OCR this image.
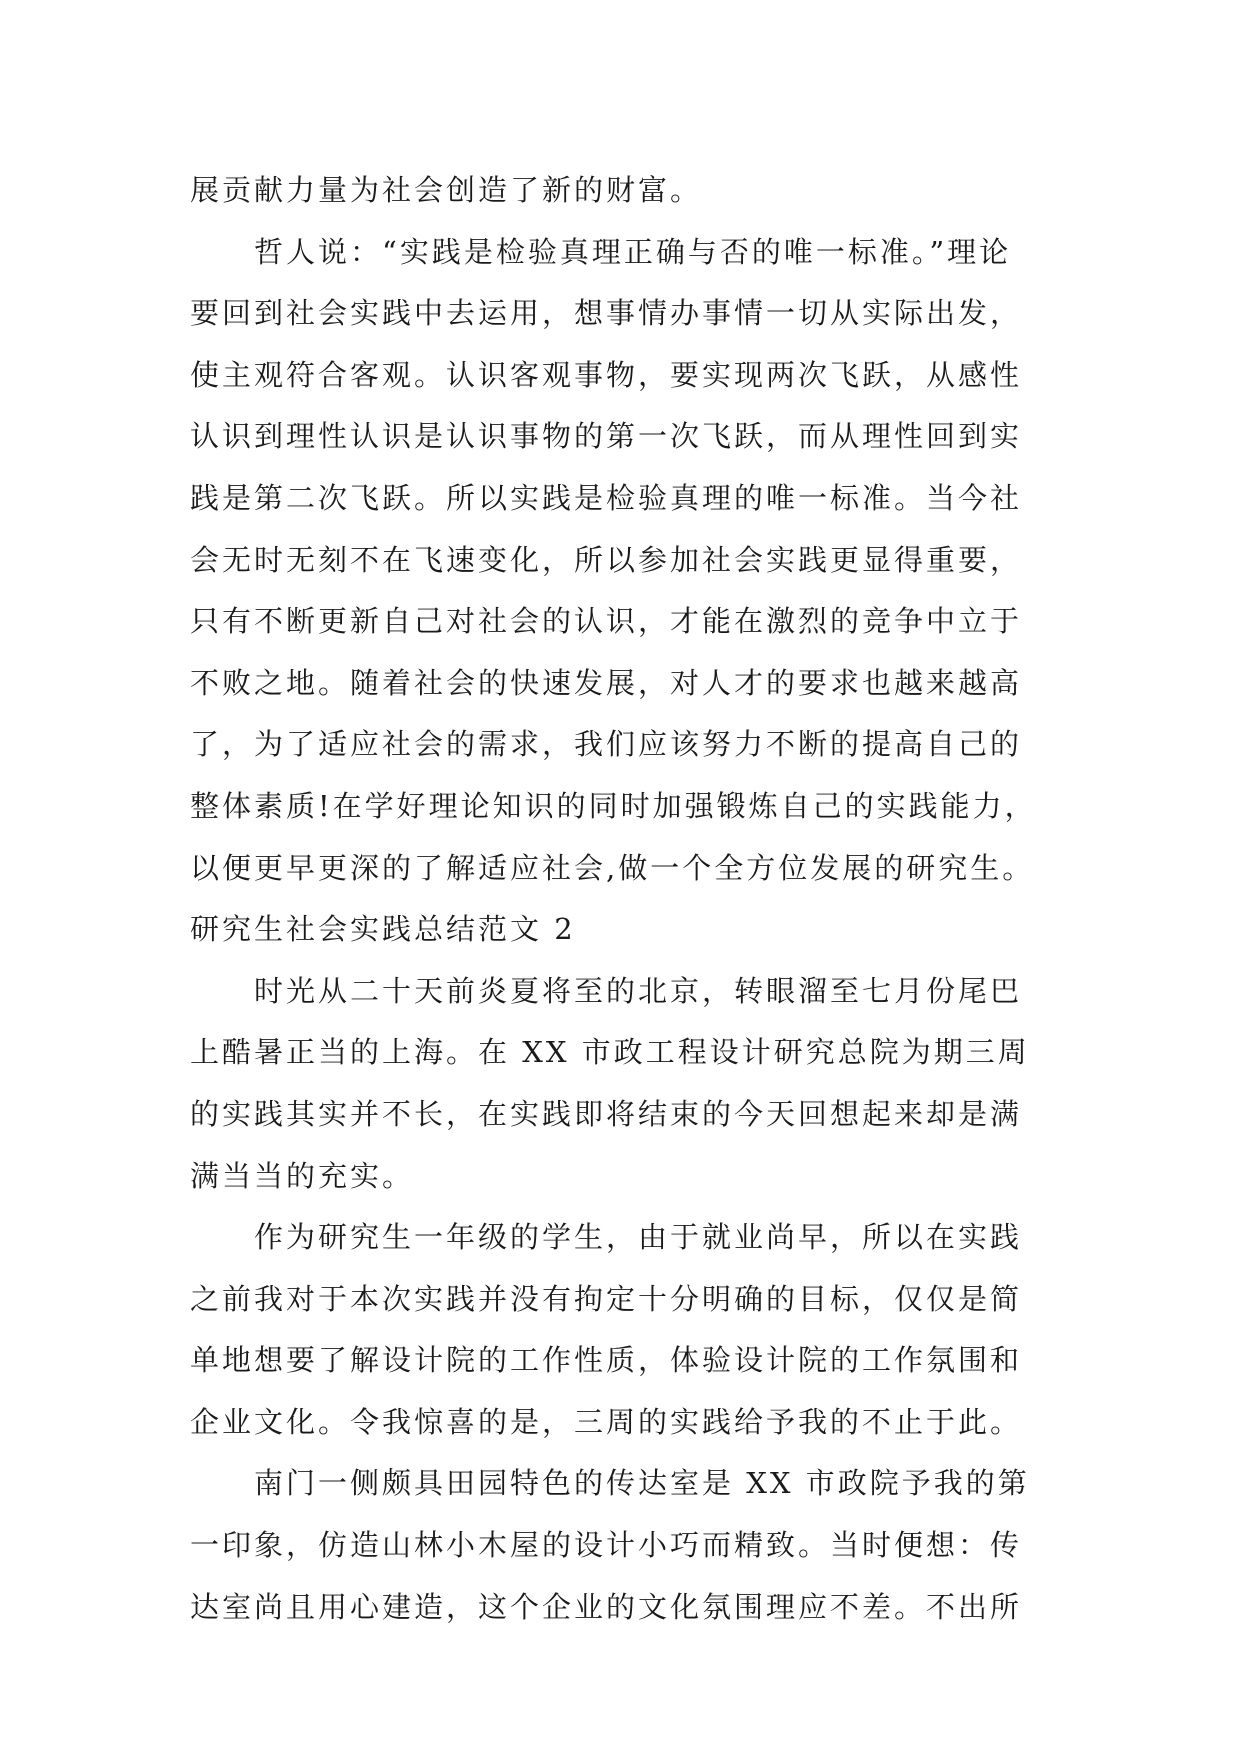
展贡献力量为社会创造了新的财富。
哲人说：“实践是检验真理正确与否的唯一标准。”理论
要回到社会实践中去运用，想事情办事情一切从实际出发，
使主观符合客观。认识客观事物，要实现两次飞跃，从感性
认识到理性认识是认识事物的第一次飞跃，而从理性回到实
践是第二次飞跃。所以实践是检验真理的唯一标准。当今社
会无时无刻不在飞速变化，所以参加社会实践更显得重要，
只有不断更新自己对社会的认识，才能在激烈的竞争中立于
不败之地。随着社会的快速发展，对人才的要求也越来越高
了，为了适应社会的需求，我们应该努力不断的提高自己的
整体素质!在学好理论知识的同时加强锻炼自己的实践能力，
以便更早更深的了解适应社会,做一个全方位发展的研究生。
研究生社会实践总结范文 2
时光从二十天前炎夏将至的北京，转眼溜至七月份尾巴
上酷暑正当的上海。在 XX 市政工程设计研究总院为期三周
的实践其实并不长，在实践即将结束的今天回想起来却是满
满当当的充实。
作为研究生一年级的学生，由于就业尚早，所以在实践
之前我对于本次实践并没有拘定十分明确的目标，仅仅是简
单地想要了解设计院的工作性质，体验设计院的工作氛围和
企业文化。令我惊喜的是，三周的实践给予我的不止于此。
南门一侧颇具田园特色的传达室是 XX 市政院予我的第
一印象，仿造山林小木屋的设计小巧而精致。当时便想：传
达室尚且用心建造，这个企业的文化氛围理应不差。不出所
